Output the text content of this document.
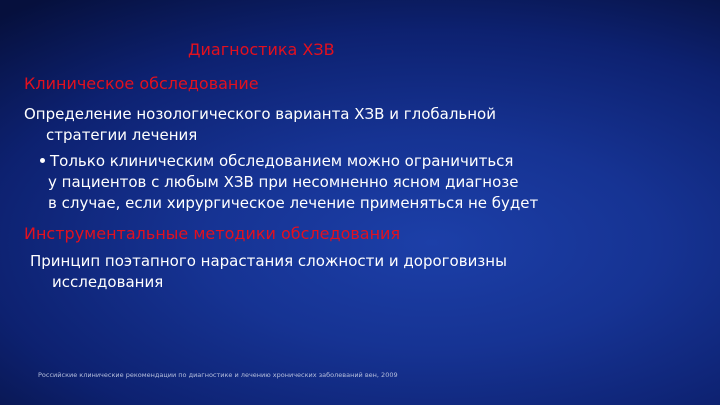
Диагностика ХЗВ
Клиническое обследование
Определение нозологического варианта ХЗВ и глобальной
стратегии лечения
Только клиническим обследованием можно ограничиться
у пациентов с любым ХЗВ при несомненно ясном диагнозе
в случае, если хирургическое лечение применяться не будет
Инструментальные методики обследования
Принцип поэтапного нарастания сложности и дороговизны
исследования
Российские клинические рекомендации по диагностике и лечению хронических заболеваний вен, 2009
